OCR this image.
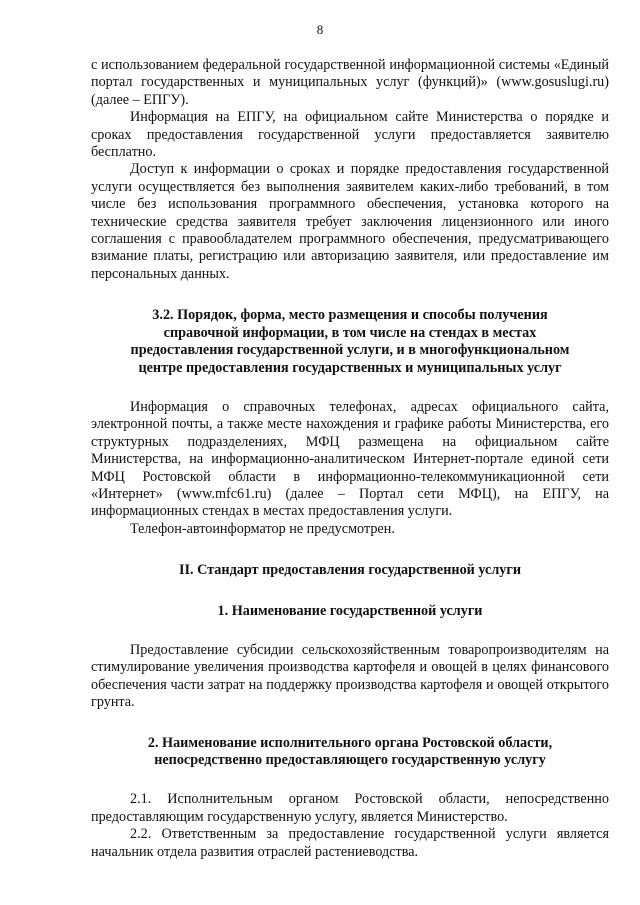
8

с использованием федеральной государственной информационной системы «Единый портал государственных и муниципальных услуг (функций)» (www.gosuslugi.ru) (далее – ЕПГУ).

Информация на ЕПГУ, на официальном сайте Министерства о порядке и сроках предоставления государственной услуги предоставляется заявителю бесплатно.

Доступ к информации о сроках и порядке предоставления государственной услуги осуществляется без выполнения заявителем каких-либо требований, в том числе без использования программного обеспечения, установка которого на технические средства заявителя требует заключения лицензионного или иного соглашения с правообладателем программного обеспечения, предусматривающего взимание платы, регистрацию или авторизацию заявителя, или предоставление им персональных данных.

3.2. Порядок, форма, место размещения и способы получения
справочной информации, в том числе на стендах в местах
предоставления государственной услуги, и в многофункциональном
центре предоставления государственных и муниципальных услуг

Информация о справочных телефонах, адресах официального сайта, электронной почты, а также месте нахождения и графике работы Министерства, его структурных подразделениях, МФЦ размещена на официальном сайте Министерства, на информационно-аналитическом Интернет-портале единой сети МФЦ Ростовской области в информационно-телекоммуникационной сети «Интернет» (www.mfc61.ru) (далее – Портал сети МФЦ), на ЕПГУ, на информационных стендах в местах предоставления услуги.

Телефон-автоинформатор не предусмотрен.

II. Стандарт предоставления государственной услуги
1. Наименование государственной услуги

Предоставление субсидии сельскохозяйственным товаропроизводителям на стимулирование увеличения производства картофеля и овощей в целях финансового обеспечения части затрат на поддержку производства картофеля и овощей открытого грунта.

2. Наименование исполнительного органа Ростовской области,
непосредственно предоставляющего государственную услугу

2.1. Исполнительным органом Ростовской области, непосредственно предоставляющим государственную услугу, является Министерство.

2.2. Ответственным за предоставление государственной услуги является начальник отдела развития отраслей растениеводства.
